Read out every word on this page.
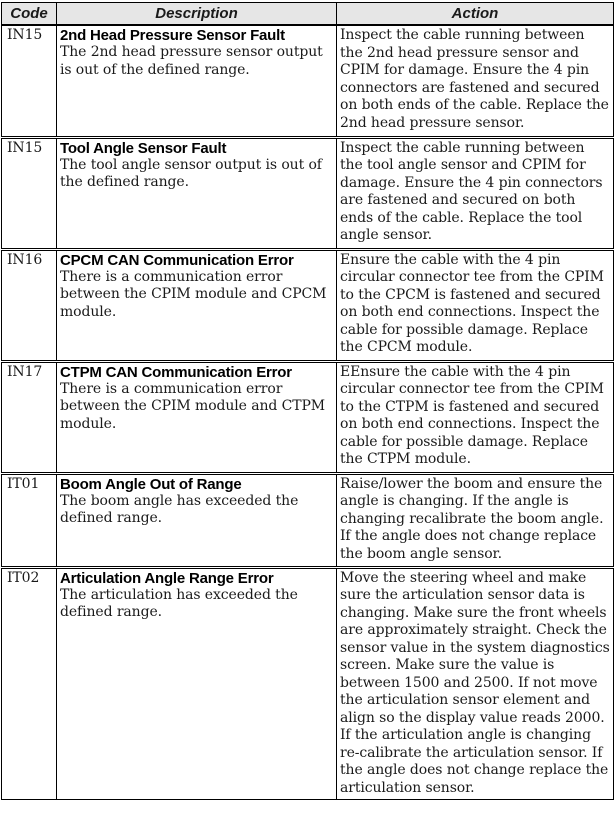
Code	Description	Action
IN15	2nd Head Pressure Sensor Fault
The 2nd head pressure sensor output is out of the defined range.	Inspect the cable running between the 2nd head pressure sensor and CPIM for damage. Ensure the 4 pin connectors are fastened and secured on both ends of the cable. Replace the 2nd head pressure sensor.

IN15	Tool Angle Sensor Fault
The tool angle sensor output is out of the defined range.	Inspect the cable running between the tool angle sensor and CPIM for damage. Ensure the 4 pin connectors are fastened and secured on both ends of the cable. Replace the tool angle sensor.

IN16	CPCM CAN Communication Error
There is a communication error between the CPIM module and CPCM module.	Ensure the cable with the 4 pin circular connector tee from the CPIM to the CPCM is fastened and secured on both end connections. Inspect the cable for possible damage. Replace the CPCM module.

IN17	CTPM CAN Communication Error
There is a communication error between the CPIM module and CTPM module.	EEnsure the cable with the 4 pin circular connector tee from the CPIM to the CTPM is fastened and secured on both end connections. Inspect the cable for possible damage. Replace the CTPM module.

IT01	Boom Angle Out of Range
The boom angle has exceeded the defined range.	Raise/lower the boom and ensure the angle is changing. If the angle is changing recalibrate the boom angle. If the angle does not change replace the boom angle sensor.

IT02	Articulation Angle Range Error
The articulation has exceeded the defined range.	Move the steering wheel and make sure the articulation sensor data is changing. Make sure the front wheels are approximately straight. Check the sensor value in the system diagnostics screen. Make sure the value is between 1500 and 2500. If not move the articulation sensor element and align so the display value reads 2000. If the articulation angle is changing re-calibrate the articulation sensor. If the angle does not change replace the articulation sensor.
